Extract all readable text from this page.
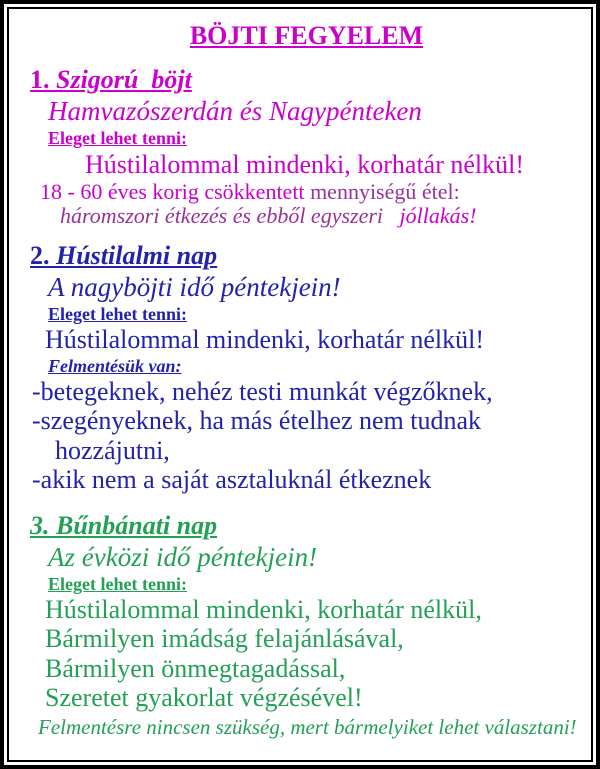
BÖJTI FEGYELEM
1. Szigorú  böjt

Hamvazószerdán és Nagypénteken

Eleget lehet tenni:

Hústilalommal mindenki, korhatár nélkül!

18 - 60 éves korig csökkentett mennyiségű étel:

háromszori étkezés és ebből egyszeri   jóllakás!

2. Hústilalmi nap

A nagyböjti idő péntekjein!

Eleget lehet tenni:

Hústilalommal mindenki, korhatár nélkül!

Felmentésük van:

-betegeknek, nehéz testi munkát végzőknek,

-szegényeknek, ha más ételhez nem tudnak

hozzájutni,

-akik nem a saját asztaluknál étkeznek

3. Bűnbánati nap

Az évközi idő péntekjein!

Eleget lehet tenni:

Hústilalommal mindenki, korhatár nélkül,

Bármilyen imádság felajánlásával,

Bármilyen önmegtagadással,

Szeretet gyakorlat végzésével!

Felmentésre nincsen szükség, mert bármelyiket lehet választani!
